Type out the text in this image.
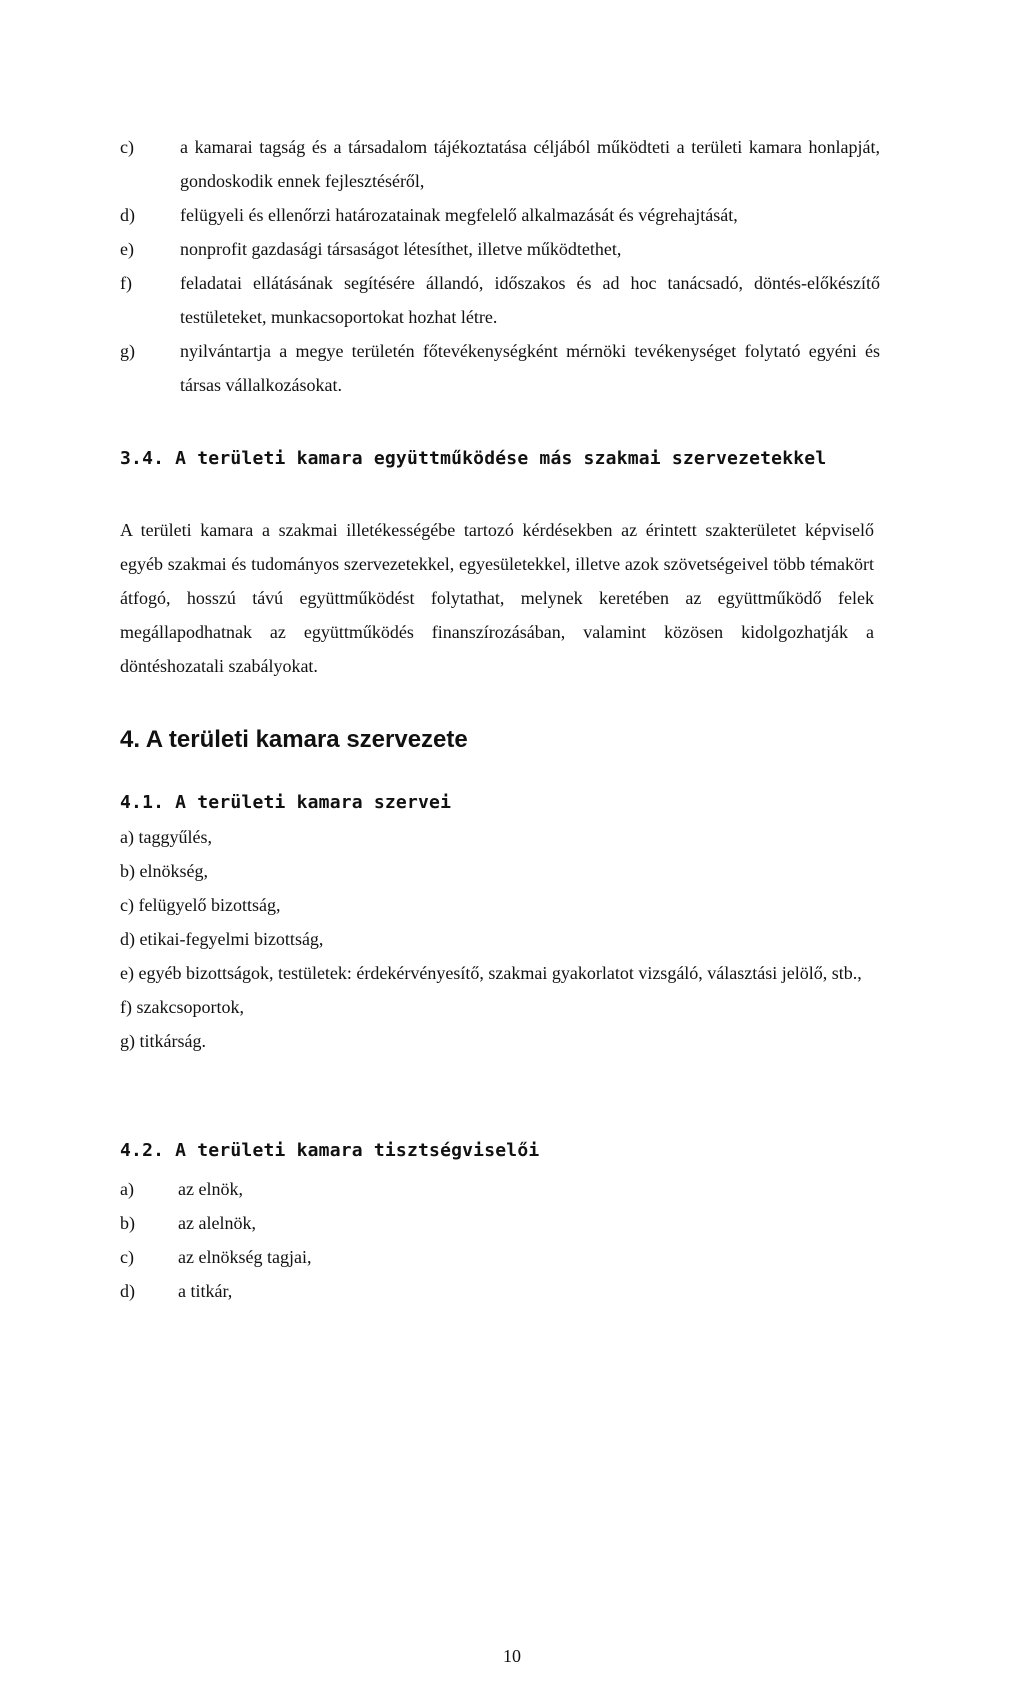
c)	a kamarai tagság és a társadalom tájékoztatása céljából működteti a területi kamara honlapját, gondoskodik ennek fejlesztéséről,
d)	felügyeli és ellenőrzi határozatainak megfelelő alkalmazását és végrehajtását,
e)	nonprofit gazdasági társaságot létesíthet, illetve működtethet,
f)	feladatai ellátásának segítésére állandó, időszakos és ad hoc tanácsadó, döntés-előkészítő testületeket, munkacsoportokat hozhat létre.
g)	nyilvántartja a megye területén főtevékenységként mérnöki tevékenységet folytató egyéni és társas vállalkozásokat.
3.4. A területi kamara együttműködése más szakmai szervezetekkel
A területi kamara a szakmai illetékességébe tartozó kérdésekben az érintett szakterületet képviselő egyéb szakmai és tudományos szervezetekkel, egyesületekkel, illetve azok szövetségeivel több témakört átfogó, hosszú távú együttműködést folytathat, melynek keretében az együttműködő felek megállapodhatnak az együttműködés finanszírozásában, valamint közösen kidolgozhatják a döntéshozatali szabályokat.
4. A területi kamara szervezete
4.1. A területi kamara szervei
a) taggyűlés,
b) elnökség,
c) felügyelő bizottság,
d) etikai-fegyelmi bizottság,
e) egyéb bizottságok, testületek: érdekérvényesítő, szakmai gyakorlatot vizsgáló, választási jelölő, stb.,
f) szakcsoportok,
g) titkárság.
4.2. A területi kamara tisztségviselői
a)	az elnök,
b)	az alelnök,
c)	az elnökség tagjai,
d)	a titkár,
10
